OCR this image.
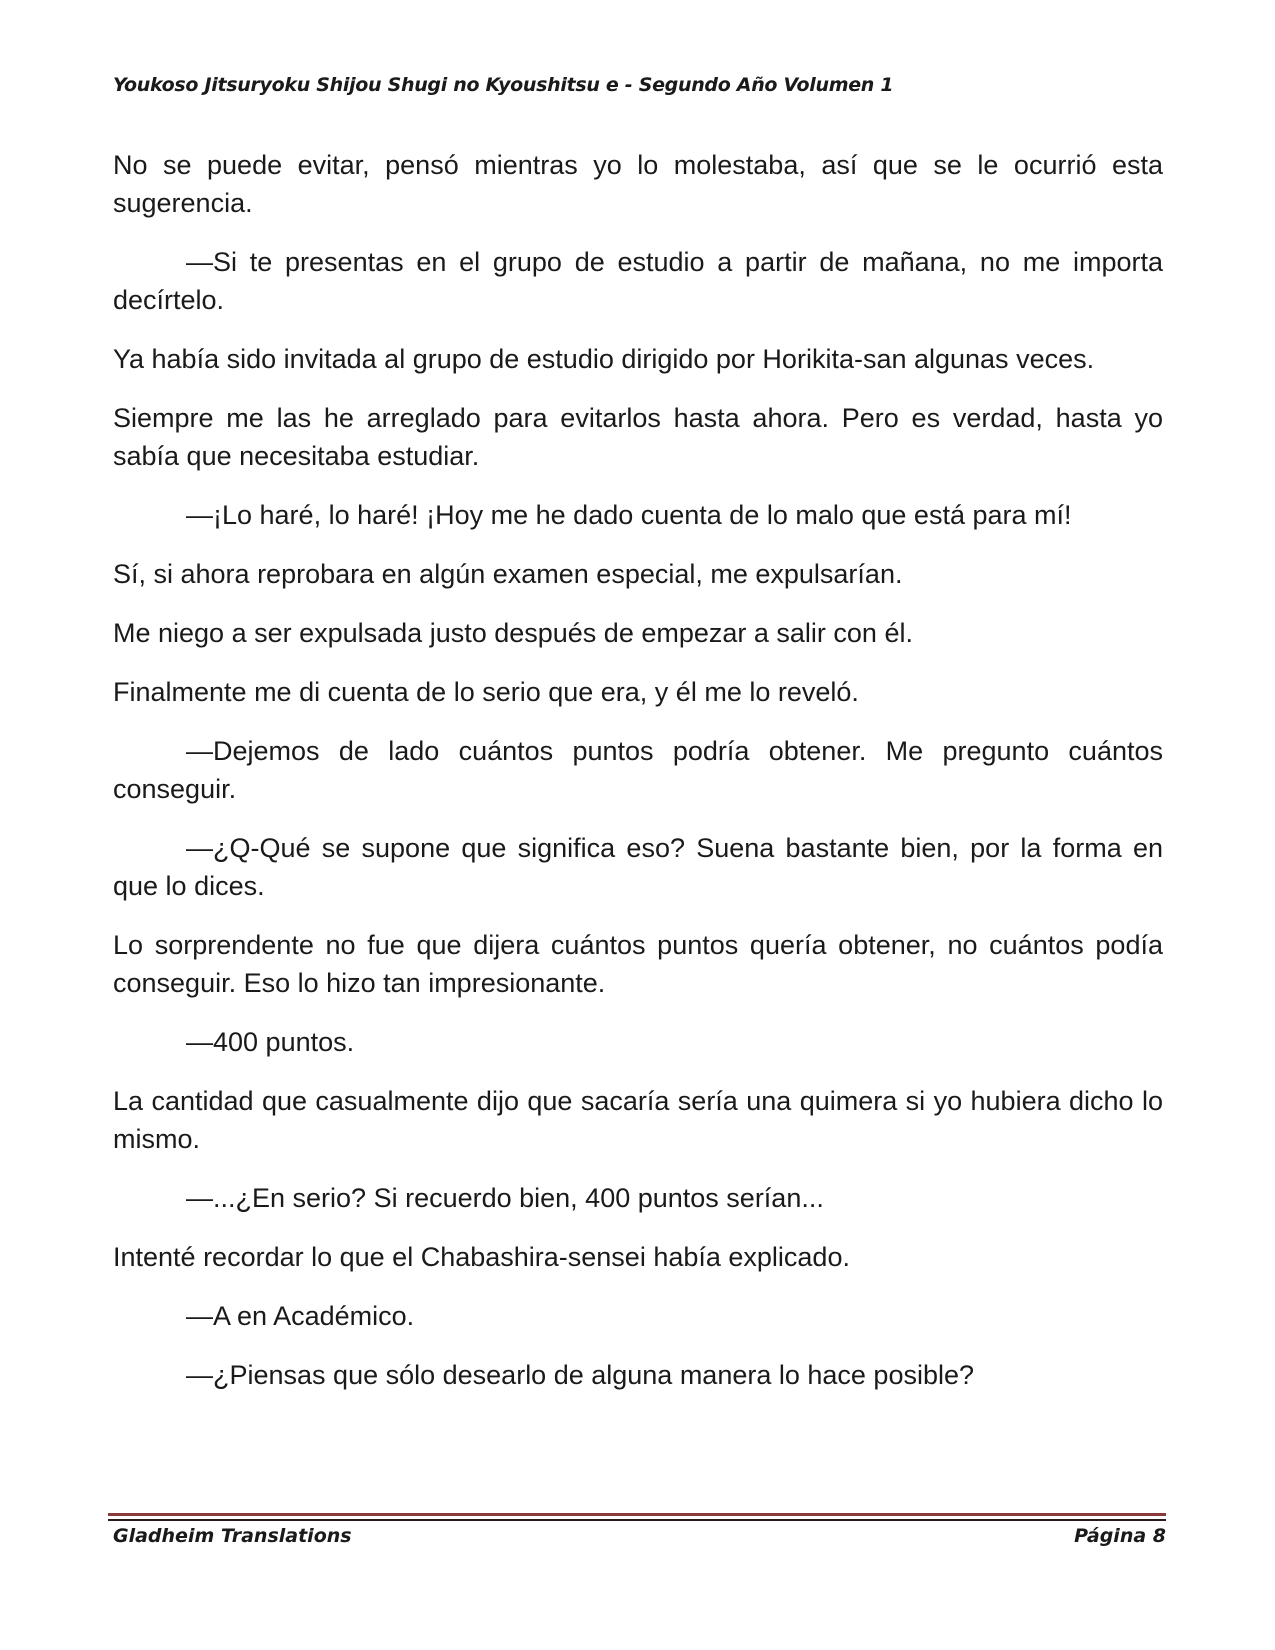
Youkoso Jitsuryoku Shijou Shugi no Kyoushitsu e - Segundo Año Volumen 1

No se puede evitar, pensó mientras yo lo molestaba, así que se le ocurrió esta sugerencia.

—Si te presentas en el grupo de estudio a partir de mañana, no me importa decírtelo.

Ya había sido invitada al grupo de estudio dirigido por Horikita-san algunas veces.

Siempre me las he arreglado para evitarlos hasta ahora. Pero es verdad, hasta yo sabía que necesitaba estudiar.

—¡Lo haré, lo haré! ¡Hoy me he dado cuenta de lo malo que está para mí!

Sí, si ahora reprobara en algún examen especial, me expulsarían.

Me niego a ser expulsada justo después de empezar a salir con él.

Finalmente me di cuenta de lo serio que era, y él me lo reveló.

—Dejemos de lado cuántos puntos podría obtener. Me pregunto cuántos conseguir.

—¿Q-Qué se supone que significa eso? Suena bastante bien, por la forma en que lo dices.

Lo sorprendente no fue que dijera cuántos puntos quería obtener, no cuántos podía conseguir. Eso lo hizo tan impresionante.

—400 puntos.

La cantidad que casualmente dijo que sacaría sería una quimera si yo hubiera dicho lo mismo.

—...¿En serio? Si recuerdo bien, 400 puntos serían...

Intenté recordar lo que el Chabashira-sensei había explicado.

—A en Académico.

—¿Piensas que sólo desearlo de alguna manera lo hace posible?

Gladheim Translations	Página 8
